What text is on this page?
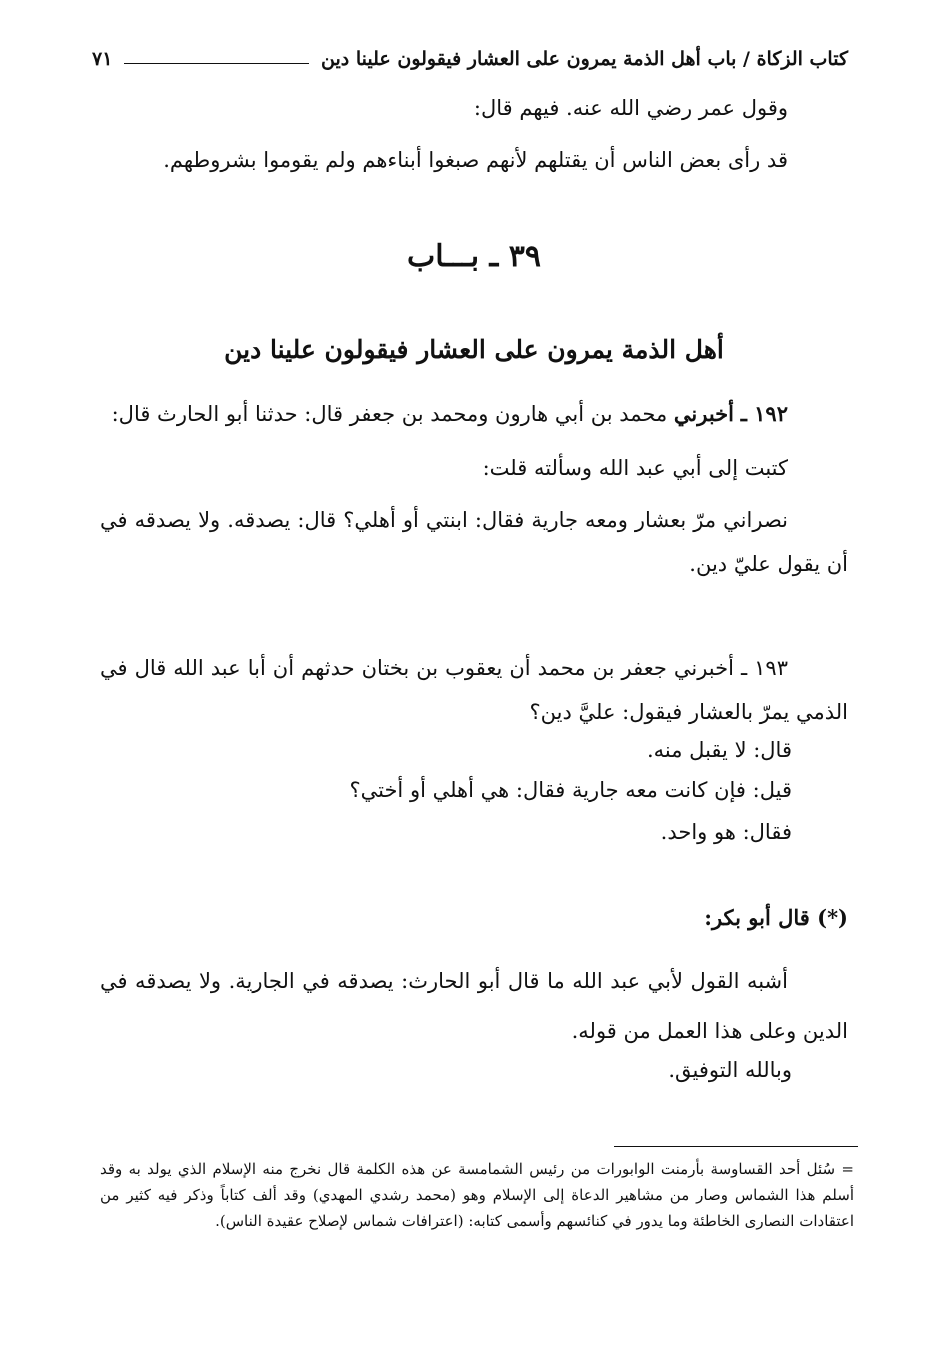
كتاب الزكاة / باب أهل الذمة يمرون على العشار فيقولون علينا دين
٧١
وقول عمر رضي الله عنه. فيهم قال:
قد رأى بعض الناس أن يقتلهم لأنهم صبغوا أبناءهم ولم يقوموا بشروطهم.
٣٩ ـ بـــاب
أهل الذمة يمرون على العشار فيقولون علينا دين
١٩٢ ـ أخبرني محمد بن أبي هارون ومحمد بن جعفر قال: حدثنا أبو الحارث قال:
كتبت إلى أبي عبد الله وسألته قلت:
نصراني مرّ بعشار ومعه جارية فقال: ابنتي أو أهلي؟ قال: يصدقه. ولا يصدقه في أن يقول عليّ دين.
١٩٣ ـ أخبرني جعفر بن محمد أن يعقوب بن بختان حدثهم أن أبا عبد الله قال في الذمي يمرّ بالعشار فيقول: عليَّ دين؟
قال: لا يقبل منه.
قيل: فإن كانت معه جارية فقال: هي أهلي أو أختي؟
فقال: هو واحد.
(*) قال أبو بكر:
أشبه القول لأبي عبد الله ما قال أبو الحارث: يصدقه في الجارية. ولا يصدقه في الدين وعلى هذا العمل من قوله.
وبالله التوفيق.
= سُئل أحد القساوسة بأرمنت الوابورات من رئيس الشمامسة عن هذه الكلمة قال نخرج منه الإسلام الذي يولد به وقد أسلم هذا الشماس وصار من مشاهير الدعاة إلى الإسلام وهو (محمد رشدي المهدي) وقد ألف كتاباً وذكر فيه كثير من اعتقادات النصارى الخاطئة وما يدور في كنائسهم وأسمى كتابه: (اعترافات شماس لإصلاح عقيدة الناس).
